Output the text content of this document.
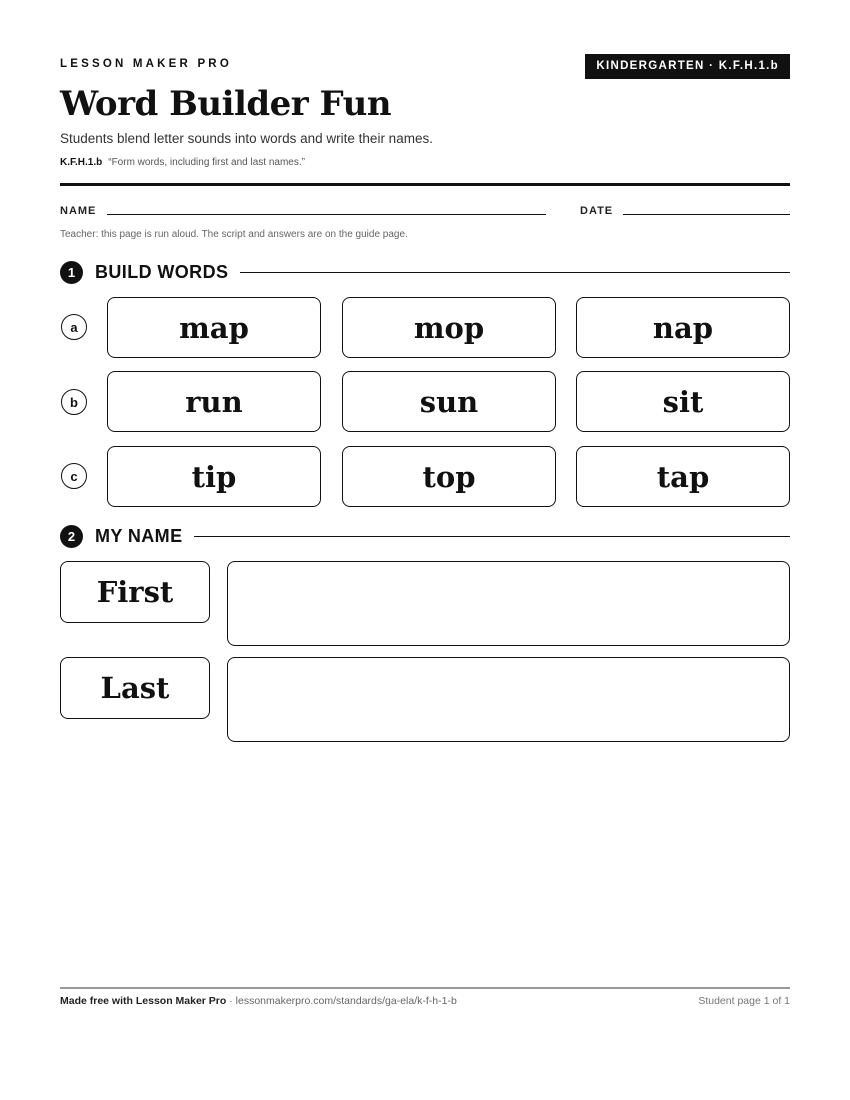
LESSON MAKER PRO	KINDERGARTEN · K.F.H.1.b
Word Builder Fun
Students blend letter sounds into words and write their names.
K.F.H.1.b “Form words, including first and last names.”
NAME	DATE
Teacher: this page is run aloud. The script and answers are on the guide page.
1	BUILD WORDS
a	map	mop	nap
b	run	sun	sit
c	tip	top	tap
2	MY NAME
First
Last
Made free with Lesson Maker Pro · lessonmakerpro.com/standards/ga-ela/k-f-h-1-b	Student page 1 of 1
